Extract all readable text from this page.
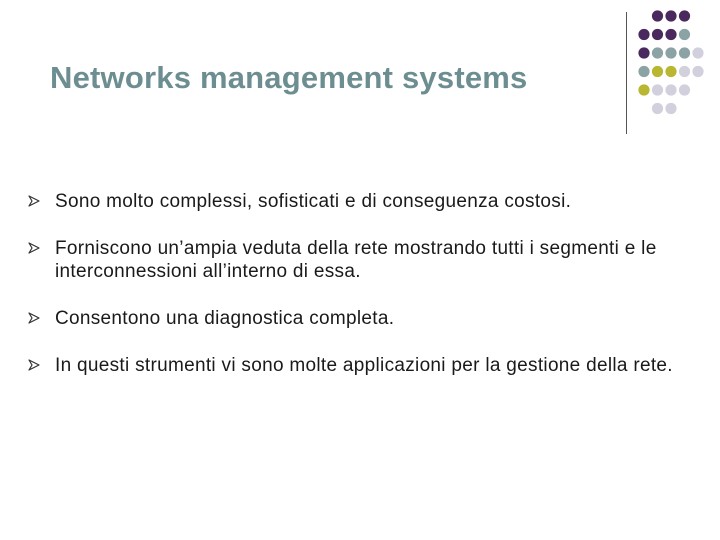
Networks management systems
Sono molto complessi, sofisticati e di conseguenza costosi.
Forniscono un’ampia veduta della rete mostrando tutti i segmenti e le interconnessioni all’interno di essa.
Consentono una diagnostica completa.
In questi strumenti vi sono molte applicazioni per la gestione della rete.
